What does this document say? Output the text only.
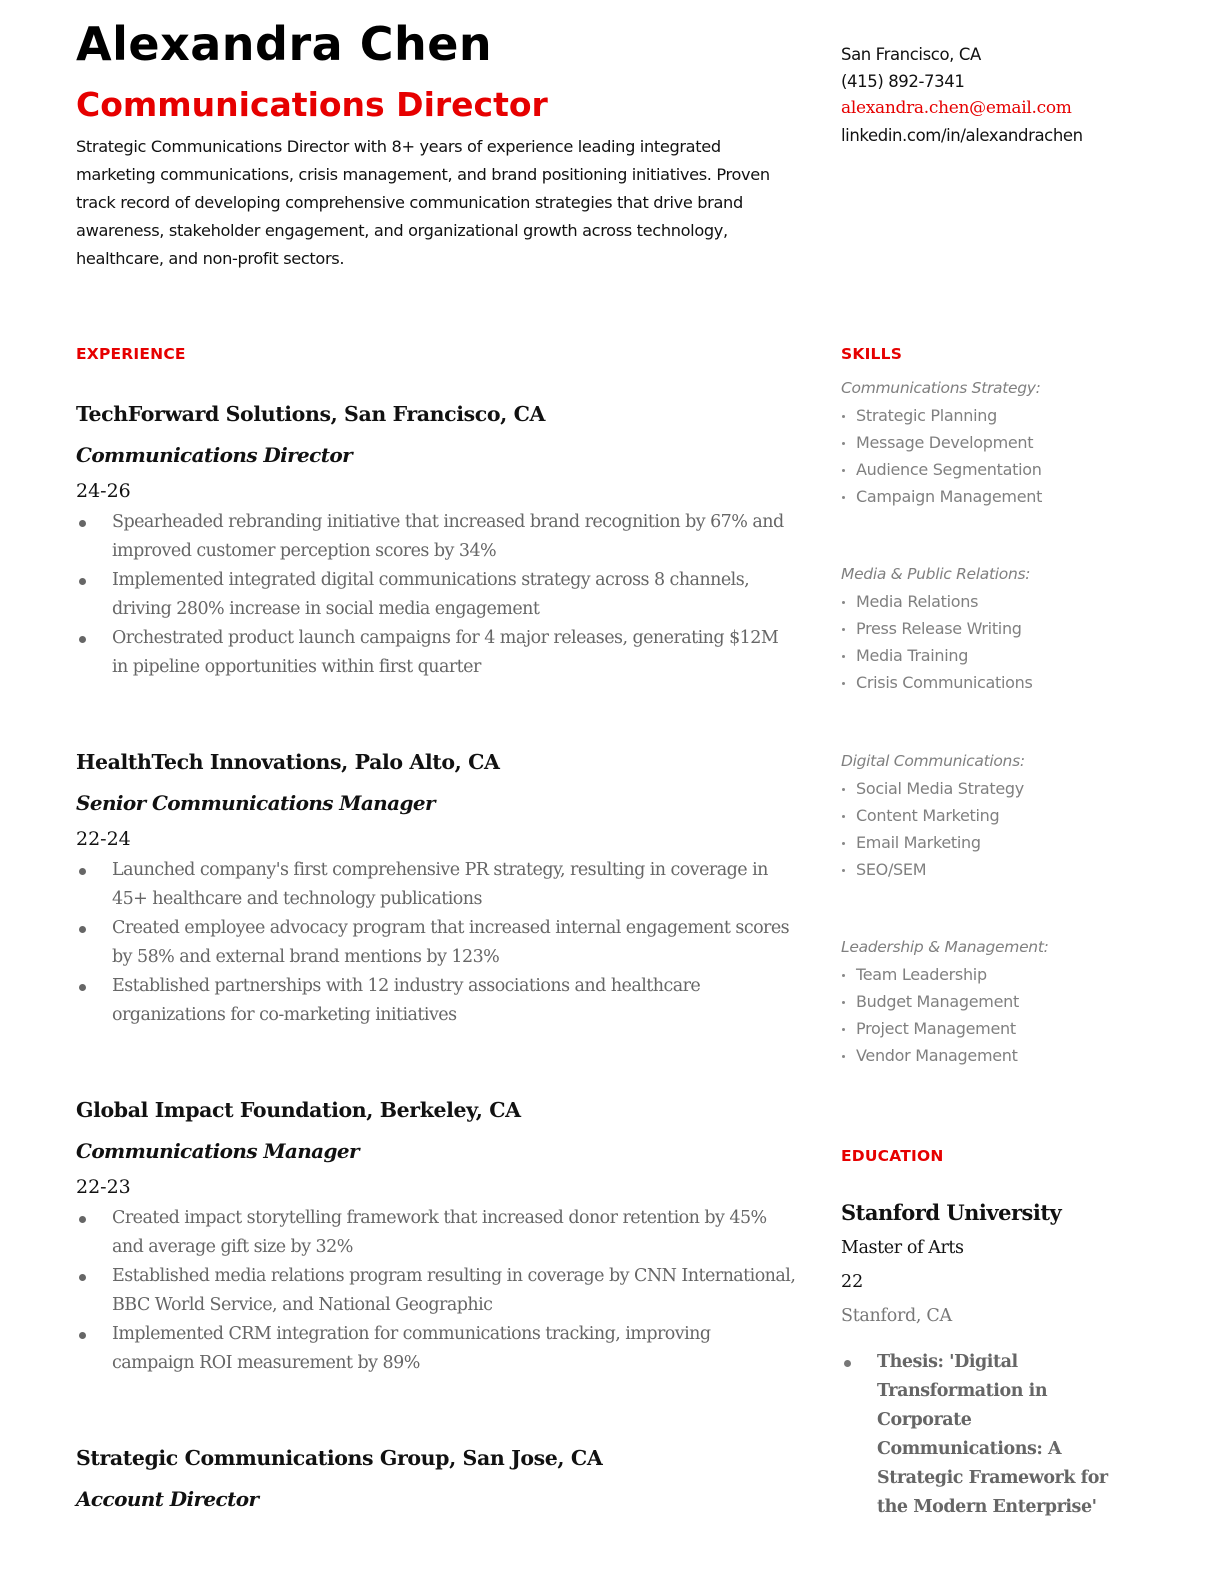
Alexandra Chen
Communications Director

Strategic Communications Director with 8+ years of experience leading integrated marketing communications, crisis management, and brand positioning initiatives. Proven track record of developing comprehensive communication strategies that drive brand awareness, stakeholder engagement, and organizational growth across technology, healthcare, and non-profit sectors.

San Francisco, CA
(415) 892-7341
alexandra.chen@email.com
linkedin.com/in/alexandrachen
EXPERIENCE
TechForward Solutions, San Francisco, CA
Communications Director
24-26
Spearheaded rebranding initiative that increased brand recognition by 67% and improved customer perception scores by 34%
Implemented integrated digital communications strategy across 8 channels, driving 280% increase in social media engagement
Orchestrated product launch campaigns for 4 major releases, generating $12M in pipeline opportunities within first quarter
HealthTech Innovations, Palo Alto, CA
Senior Communications Manager
22-24
Launched company's first comprehensive PR strategy, resulting in coverage in 45+ healthcare and technology publications
Created employee advocacy program that increased internal engagement scores by 58% and external brand mentions by 123%
Established partnerships with 12 industry associations and healthcare organizations for co-marketing initiatives
Global Impact Foundation, Berkeley, CA
Communications Manager
22-23
Created impact storytelling framework that increased donor retention by 45% and average gift size by 32%
Established media relations program resulting in coverage by CNN International, BBC World Service, and National Geographic
Implemented CRM integration for communications tracking, improving campaign ROI measurement by 89%
Strategic Communications Group, San Jose, CA
Account Director
SKILLS
Communications Strategy:
Strategic Planning
Message Development
Audience Segmentation
Campaign Management
Media & Public Relations:
Media Relations
Press Release Writing
Media Training
Crisis Communications
Digital Communications:
Social Media Strategy
Content Marketing
Email Marketing
SEO/SEM
Leadership & Management:
Team Leadership
Budget Management
Project Management
Vendor Management
EDUCATION
Stanford University
Master of Arts
22
Stanford, CA
Thesis: 'Digital Transformation in Corporate Communications: A Strategic Framework for the Modern Enterprise'
